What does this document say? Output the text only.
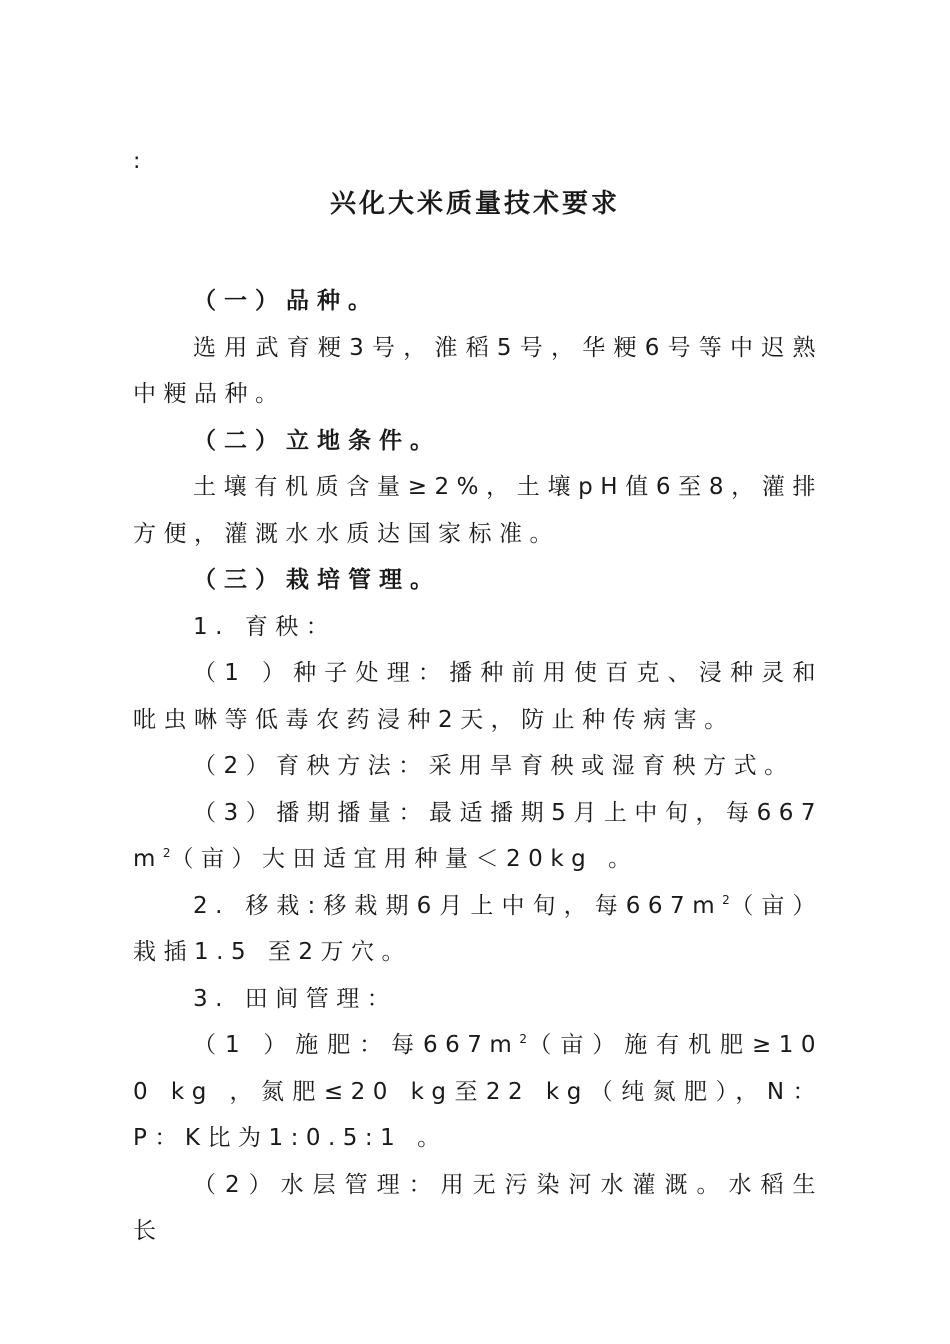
:
兴化大米质量技术要求

（一）品种。

选用武育粳3号，淮稻5号，华粳6号等中迟熟中粳品种。

（二）立地条件。

土壤有机质含量≥2%，土壤pH值6至8，灌排方便，灌溉水水质达国家标准。

（三）栽培管理。

1. 育秧：

（1 ）种子处理：播种前用使百克、浸种灵和吡虫啉等低毒农药浸种2天，防止种传病害。

（2）育秧方法：采用旱育秧或湿育秧方式。

（3）播期播量：最适播期5月上中旬，每$667m^2$（亩）大田适宜用种量＜20kg 。

2. 移栽:移栽期6月上中旬，每$667m^2$（亩）栽插1.5 至2万穴。

3. 田间管理：

（1 ）施肥：每$667m^2$（亩）施有机肥≥100 kg ，氮肥≤20 kg至22 kg（纯氮肥），N：P：K比为1:0.5:1 。

（2）水层管理：用无污染河水灌溉。水稻生长
